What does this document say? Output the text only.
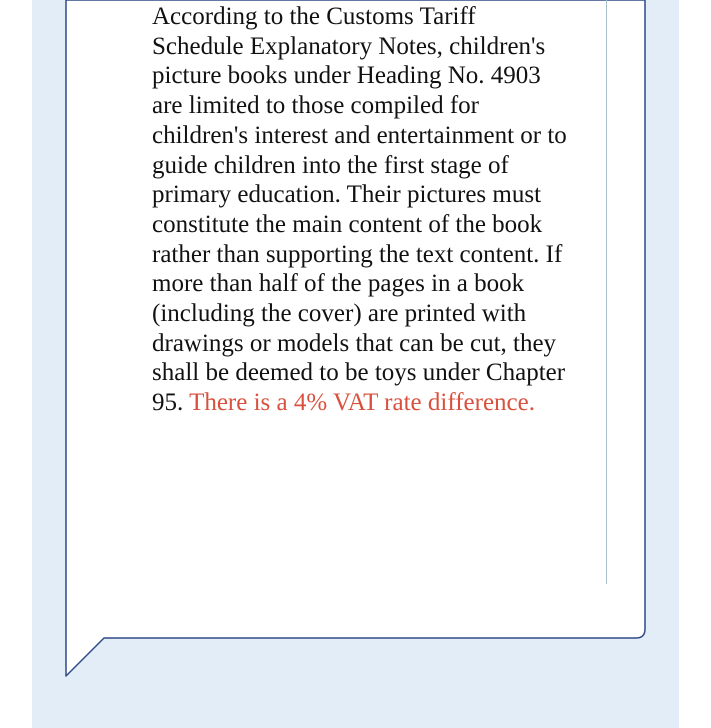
According to the Customs Tariff Schedule Explanatory Notes, children's picture books under Heading No. 4903 are limited to those compiled for children's interest and entertainment or to guide children into the first stage of primary education. Their pictures must constitute the main content of the book rather than supporting the text content. If more than half of the pages in a book (including the cover) are printed with drawings or models that can be cut, they shall be deemed to be toys under Chapter 95. There is a 4% VAT rate difference.
